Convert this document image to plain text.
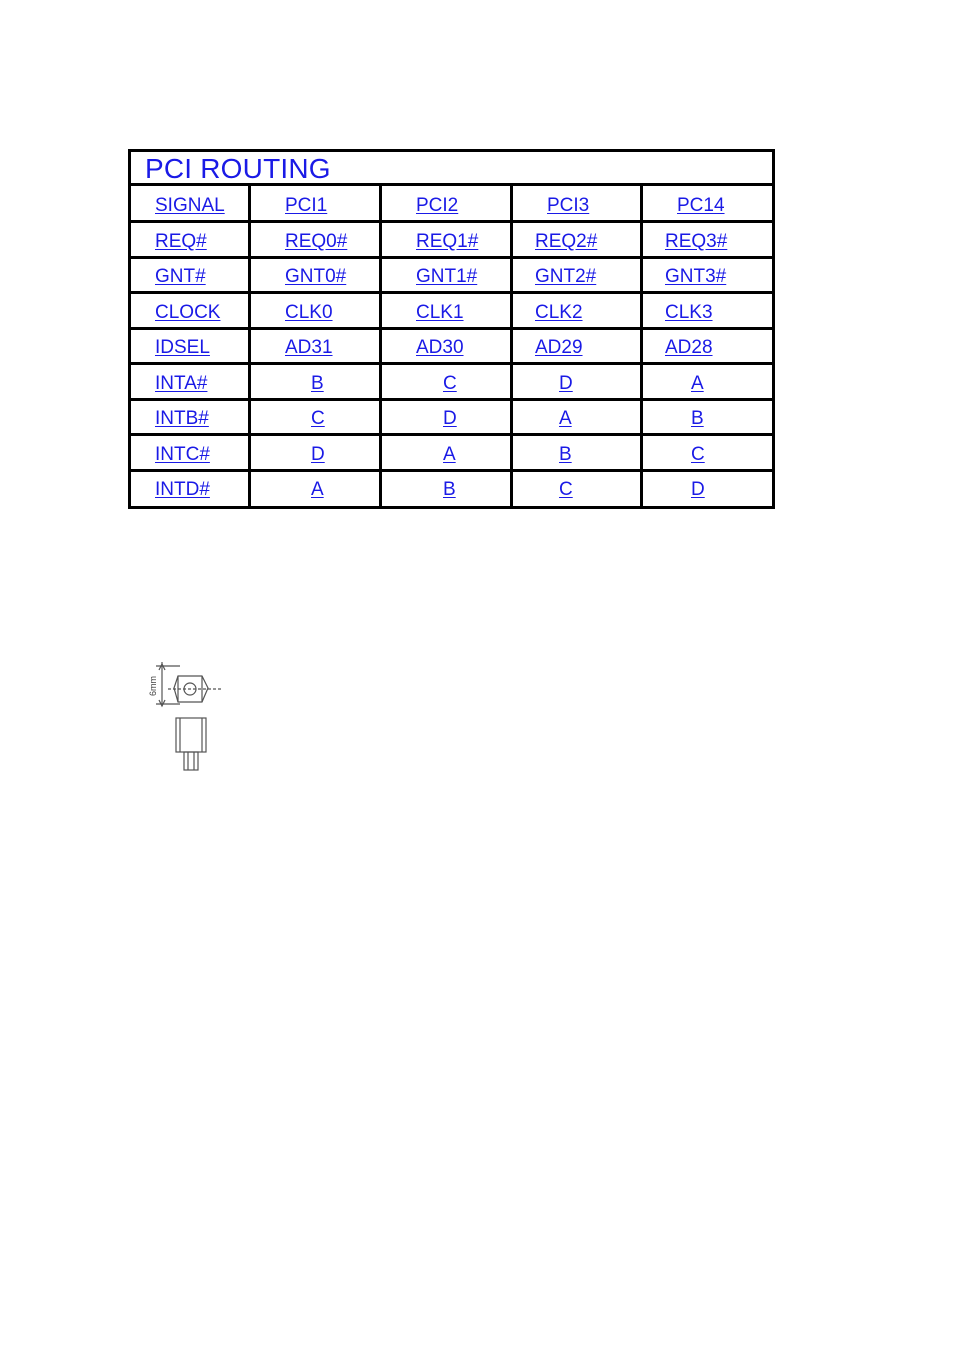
PCI ROUTING
SIGNAL	PCI1	PCI2	PCI3	PC14
REQ#	REQ0#	REQ1#	REQ2#	REQ3#
GNT#	GNT0#	GNT1#	GNT2#	GNT3#
CLOCK	CLK0	CLK1	CLK2	CLK3
IDSEL	AD31	AD30	AD29	AD28
INTA#	B	C	D	A
INTB#	C	D	A	B
INTC#	D	A	B	C
INTD#	A	B	C	D
6mm
